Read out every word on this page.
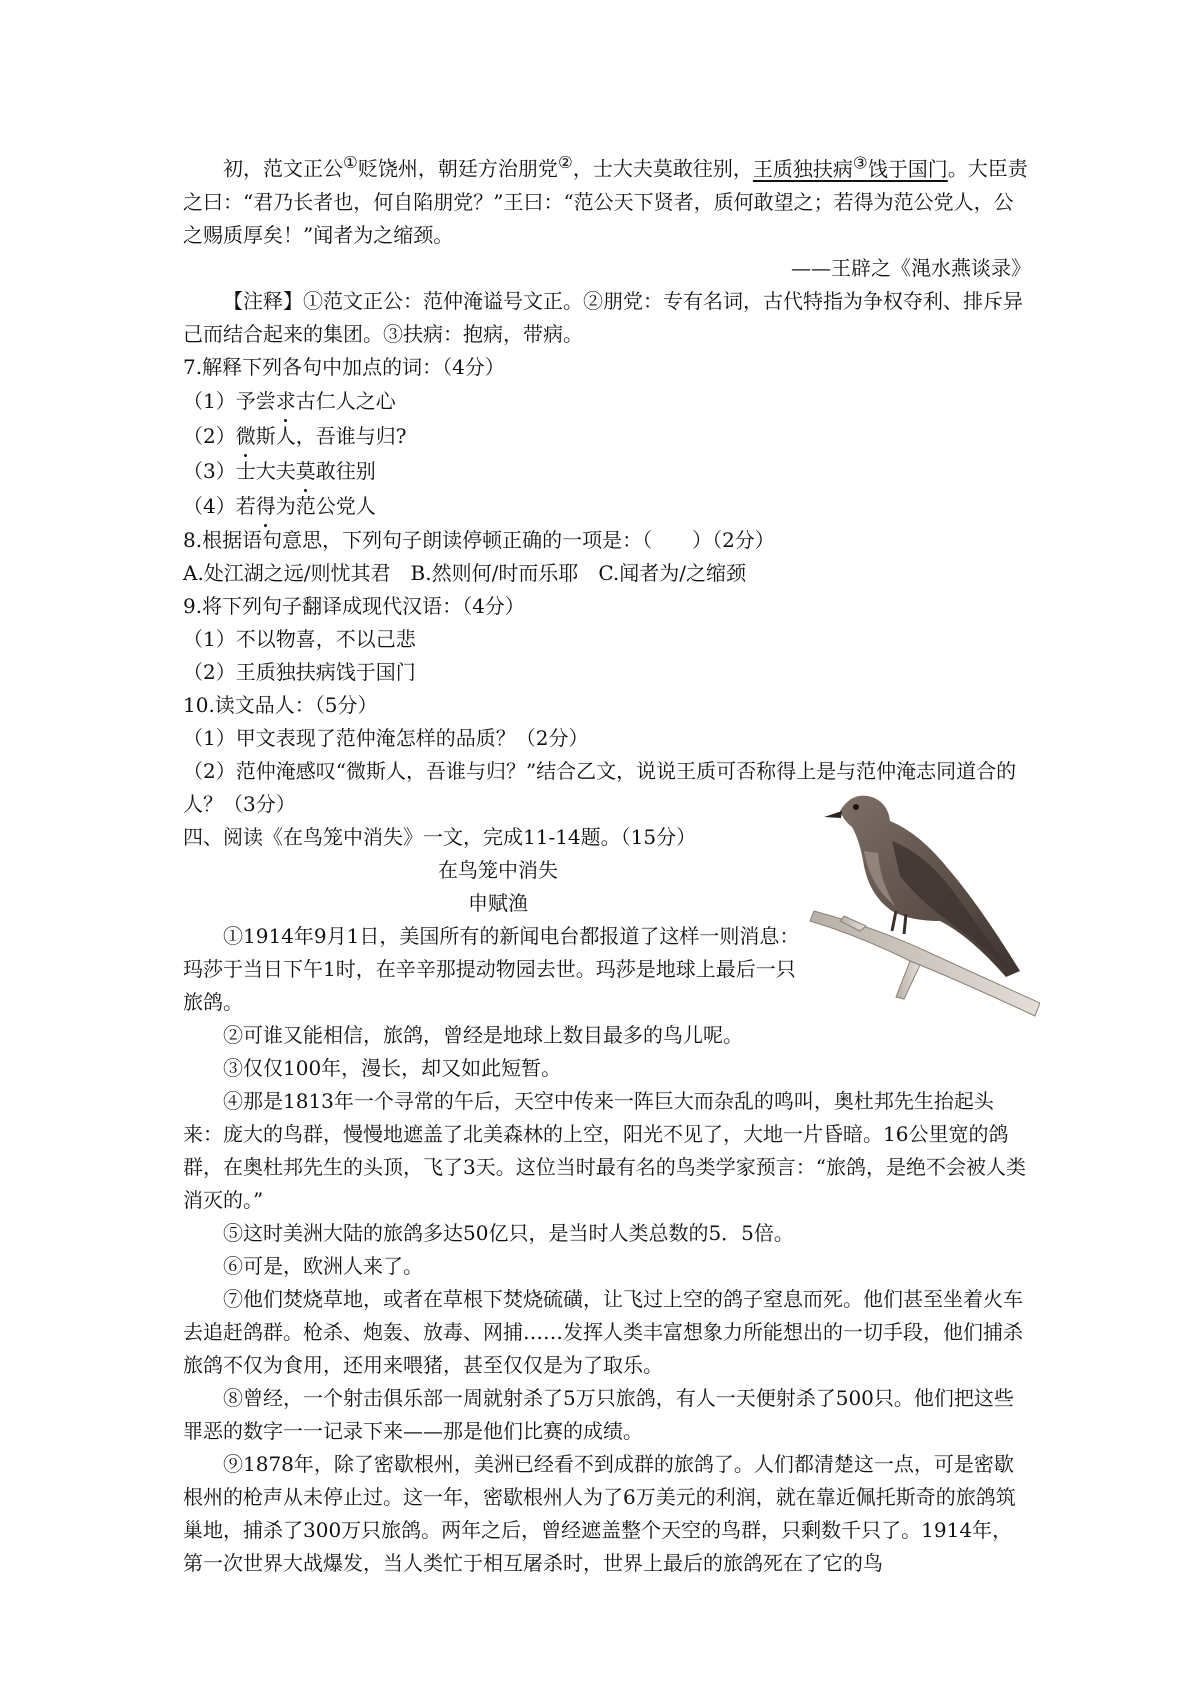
初，范文正公①贬饶州，朝廷方治朋党②，士大夫莫敢往别，王质独扶病③饯于国门。大臣责之曰：“君乃长者也，何自陷朋党？”王曰：“范公天下贤者，质何敢望之；若得为范公党人，公之赐质厚矣！”闻者为之缩颈。

——王辟之《渑水燕谈录》

【注释】①范文正公：范仲淹谥号文正。②朋党：专有名词，古代特指为争权夺利、排斥异己而结合起来的集团。③扶病：抱病，带病。

7.解释下列各句中加点的词：（4分）

（1）予尝求古仁人之心

（2）微斯人，吾谁与归?

（3）士大夫莫敢往别

（4）若得为范公党人

8.根据语句意思，下列句子朗读停顿正确的一项是：（　　）（2分）

A.处江湖之远/则忧其君　B.然则何/时而乐耶　C.闻者为/之缩颈

9.将下列句子翻译成现代汉语：（4分）

（1）不以物喜，不以己悲

（2）王质独扶病饯于国门

10.读文品人：（5分）

（1）甲文表现了范仲淹怎样的品质？（2分）

（2）范仲淹感叹“微斯人，吾谁与归？”结合乙文，说说王质可否称得上是与范仲淹志同道合的人？（3分）

四、阅读《在鸟笼中消失》一文，完成11-14题。（15分）

在鸟笼中消失

申赋渔

①1914年9月1日，美国所有的新闻电台都报道了这样一则消息：玛莎于当日下午1时，在辛辛那提动物园去世。玛莎是地球上最后一只旅鸽。

②可谁又能相信，旅鸽，曾经是地球上数目最多的鸟儿呢。

③仅仅100年，漫长，却又如此短暂。

④那是1813年一个寻常的午后，天空中传来一阵巨大而杂乱的鸣叫，奥杜邦先生抬起头来：庞大的鸟群，慢慢地遮盖了北美森林的上空，阳光不见了，大地一片昏暗。16公里宽的鸽群，在奥杜邦先生的头顶，飞了3天。这位当时最有名的鸟类学家预言：“旅鸽，是绝不会被人类消灭的。”

⑤这时美洲大陆的旅鸽多达50亿只，是当时人类总数的5．5倍。

⑥可是，欧洲人来了。

⑦他们焚烧草地，或者在草根下焚烧硫磺，让飞过上空的鸽子窒息而死。他们甚至坐着火车去追赶鸽群。枪杀、炮轰、放毒、网捕……发挥人类丰富想象力所能想出的一切手段，他们捕杀旅鸽不仅为食用，还用来喂猪，甚至仅仅是为了取乐。

⑧曾经，一个射击俱乐部一周就射杀了5万只旅鸽，有人一天便射杀了500只。他们把这些罪恶的数字一一记录下来——那是他们比赛的成绩。

⑨1878年，除了密歇根州，美洲已经看不到成群的旅鸽了。人们都清楚这一点，可是密歇根州的枪声从未停止过。这一年，密歇根州人为了6万美元的利润，就在靠近佩托斯奇的旅鸽筑巢地，捕杀了300万只旅鸽。两年之后，曾经遮盖整个天空的鸟群，只剩数千只了。1914年，第一次世界大战爆发，当人类忙于相互屠杀时，世界上最后的旅鸽死在了它的鸟
